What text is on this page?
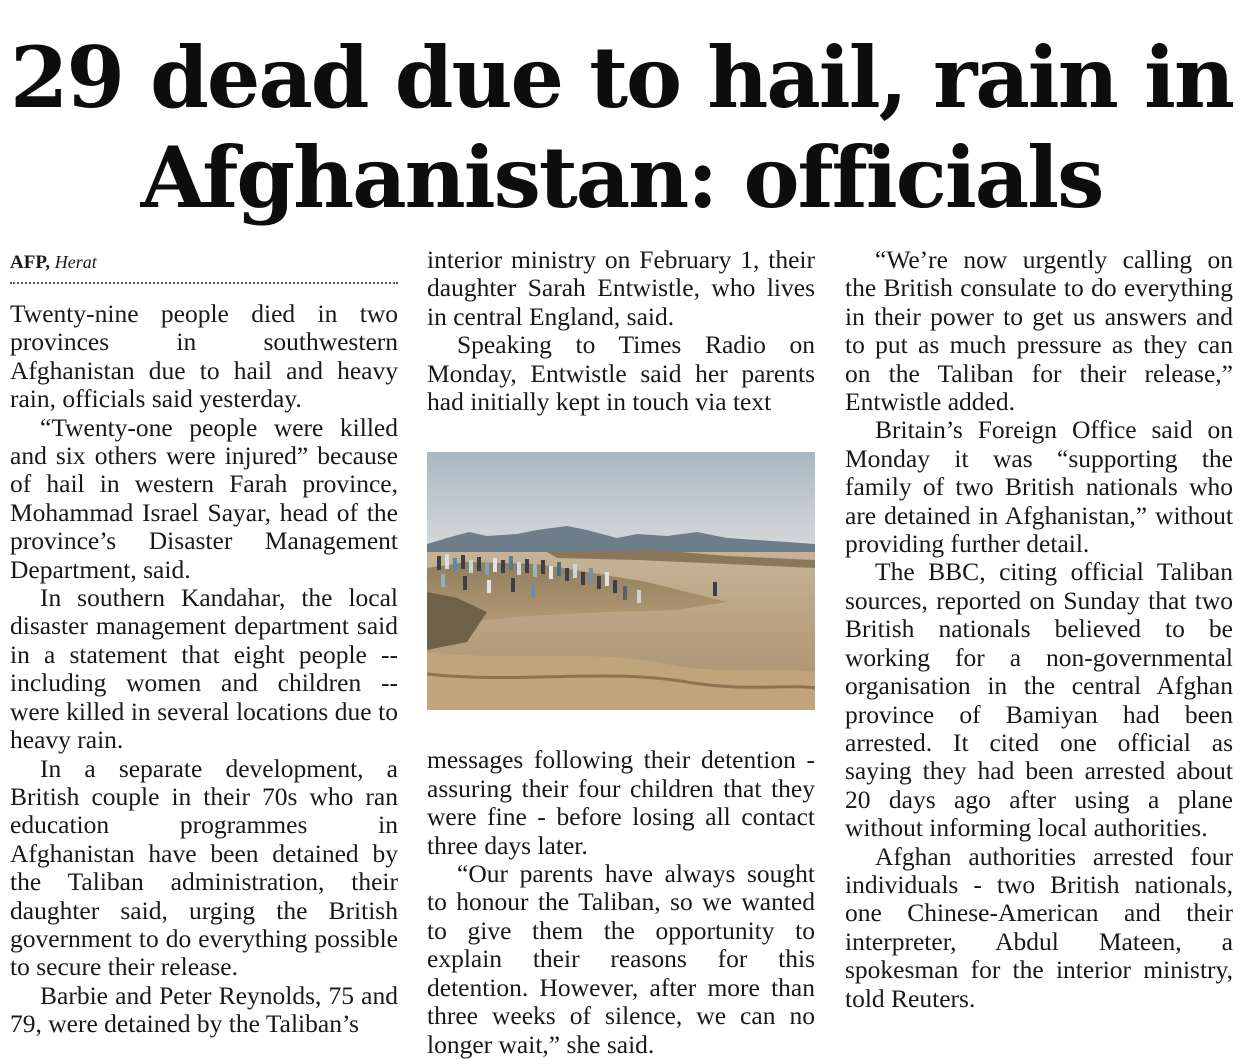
29 dead due to hail, rain in
Afghanistan: officials
AFP, Herat

Twenty-nine people died in two provinces in southwestern Afghanistan due to hail and heavy rain, officials said yesterday.

“Twenty-one people were killed and six others were injured” because of hail in western Farah province, Mohammad Israel Sayar, head of the province’s Disaster Management Department, said.

In southern Kandahar, the local disaster management department said in a statement that eight people -- including women and children -- were killed in several locations due to heavy rain.

In a separate development, a British couple in their 70s who ran education programmes in Afghanistan have been detained by the Taliban administration, their daughter said, urging the British government to do everything possible to secure their release.

Barbie and Peter Reynolds, 75 and 79, were detained by the Taliban’s

interior ministry on February 1, their daughter Sarah Entwistle, who lives in central England, said.

Speaking to Times Radio on Monday, Entwistle said her parents had initially kept in touch via text

messages following their detention - assuring their four children that they were fine - before losing all contact three days later.

“Our parents have always sought to honour the Taliban, so we wanted to give them the opportunity to explain their reasons for this detention. However, after more than three weeks of silence, we can no longer wait,” she said.

“We’re now urgently calling on the British consulate to do everything in their power to get us answers and to put as much pressure as they can on the Taliban for their release,” Entwistle added.

Britain’s Foreign Office said on Monday it was “supporting the family of two British nationals who are detained in Afghanistan,” without providing further detail.

The BBC, citing official Taliban sources, reported on Sunday that two British nationals believed to be working for a non-governmental organisation in the central Afghan province of Bamiyan had been arrested. It cited one official as saying they had been arrested about 20 days ago after using a plane without informing local authorities.

Afghan authorities arrested four individuals - two British nationals, one Chinese-American and their interpreter, Abdul Mateen, a spokesman for the interior ministry, told Reuters.
